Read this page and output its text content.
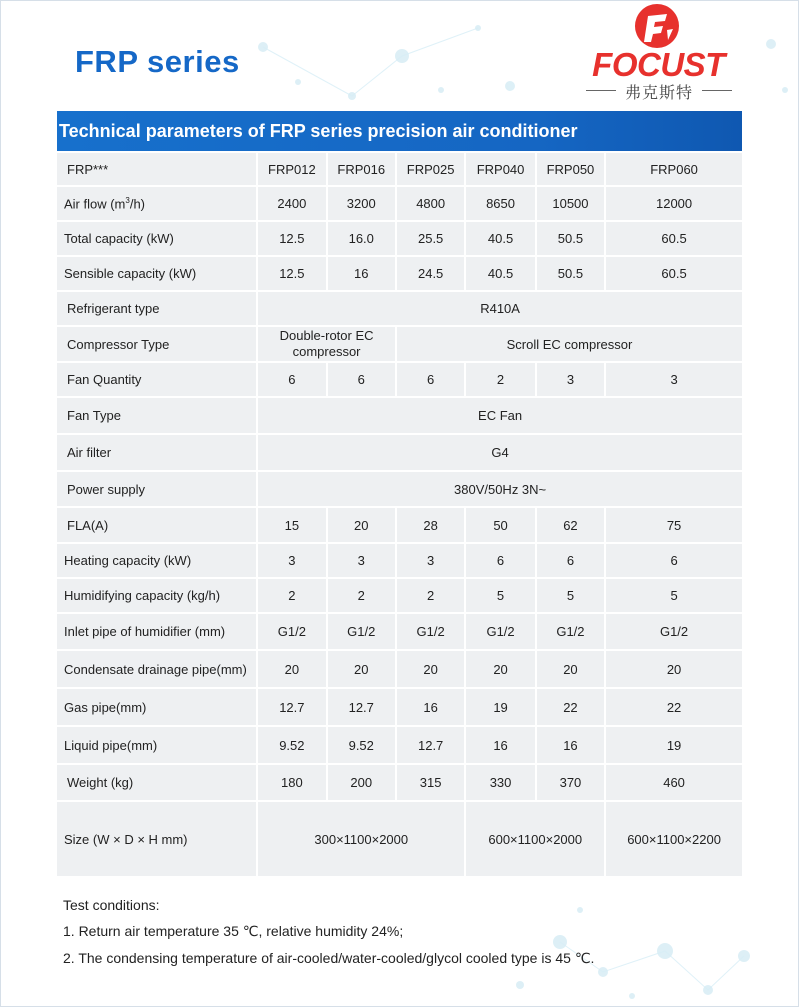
FRP series	FOCUST
弗克斯特
Technical parameters of FRP series precision air conditioner
FRP***	FRP012	FRP016	FRP025	FRP040	FRP050	FRP060
Air flow $(m^3/h)$	2400	3200	4800	8650	10500	12000
Total capacity (kW)	12.5	16.0	25.5	40.5	50.5	60.5
Sensible capacity (kW)	12.5	16	24.5	40.5	50.5	60.5
Refrigerant type	R410A					
Compressor Type	Double-rotor EC compressor		Scroll EC compressor			
Fan Quantity	6	6	6	2	3	3
Fan Type	EC Fan					
Air filter	G4					
Power supply	380V/50Hz 3N~					
FLA(A)	15	20	28	50	62	75
Heating capacity (kW)	3	3	3	6	6	6
Humidifying capacity (kg/h)	2	2	2	5	5	5
Inlet pipe of humidifier (mm)	G1/2	G1/2	G1/2	G1/2	G1/2	G1/2
Condensate drainage pipe(mm)	20	20	20	20	20	20
Gas pipe(mm)	12.7	12.7	16	19	22	22
Liquid pipe(mm)	9.52	9.52	12.7	16	16	19
Weight (kg)	180	200	315	330	370	460
Size (W × D × H mm)	300×1100×2000			600×1100×2000		600×1100×2200
Test conditions:
1. Return air temperature 35 ℃, relative humidity 24%;
2. The condensing temperature of air-cooled/water-cooled/glycol cooled type is 45 ℃.
